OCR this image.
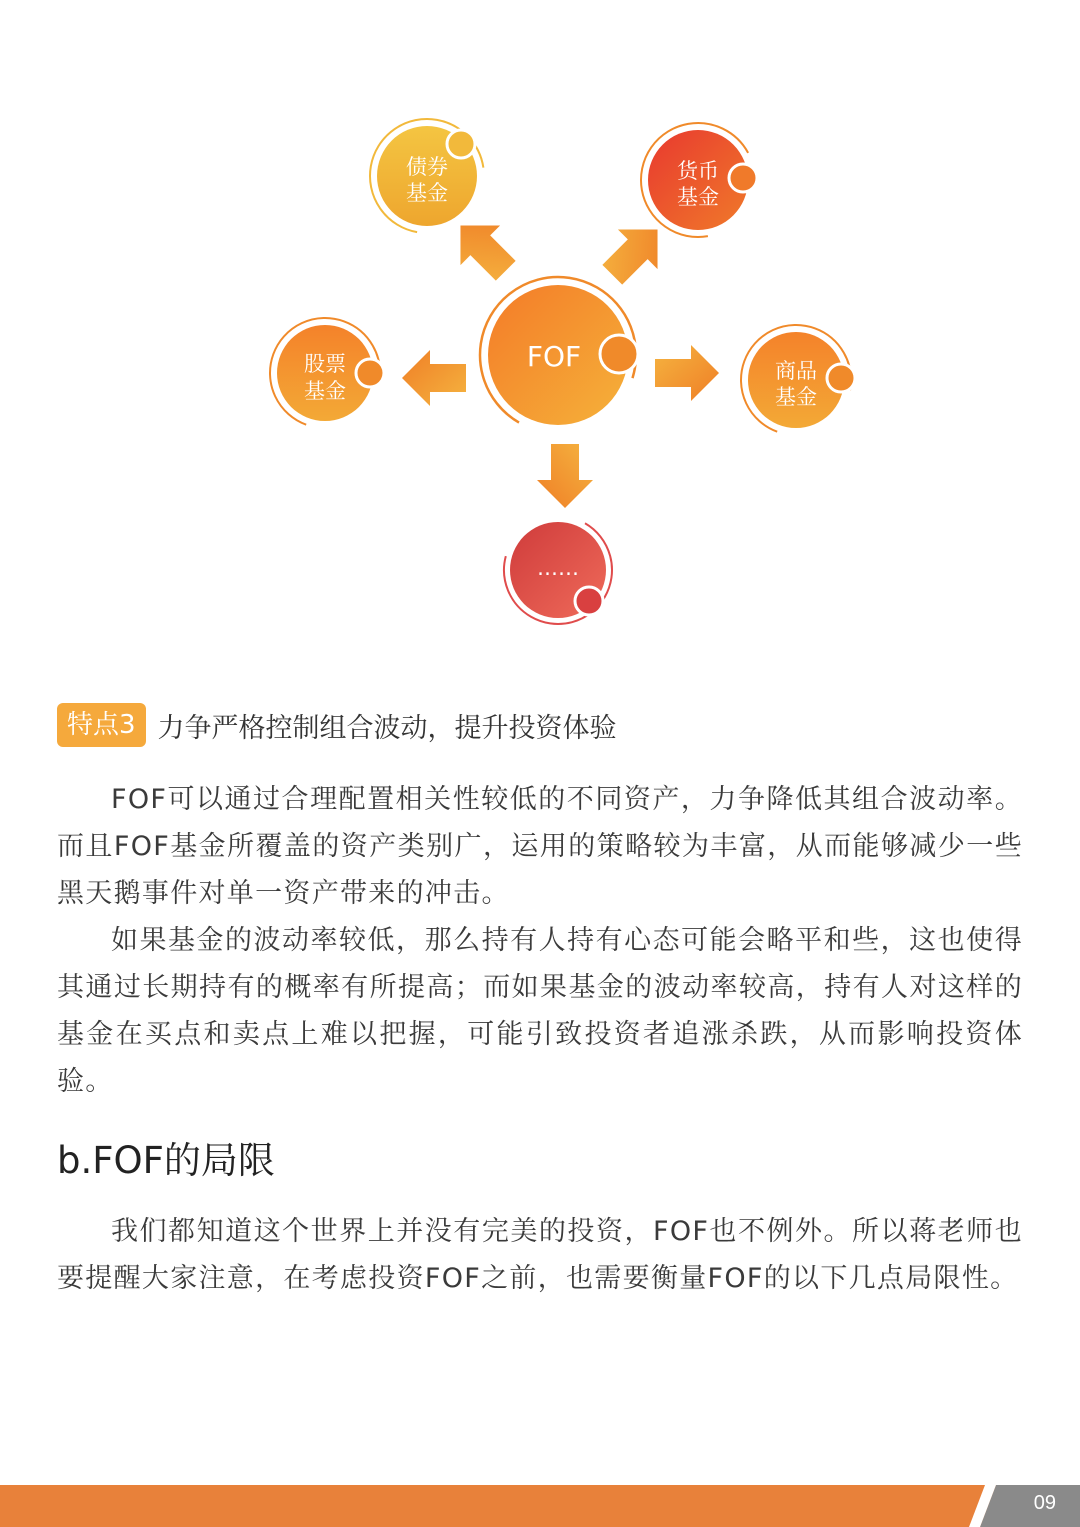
债券
基金
货币
基金
股票
基金
商品
基金
FOF
……
特点3 力争严格控制组合波动，提升投资体验

FOF可以通过合理配置相关性较低的不同资产，力争降低其组合波动率。而且FOF基金所覆盖的资产类别广，运用的策略较为丰富，从而能够减少一些黑天鹅事件对单一资产带来的冲击。

如果基金的波动率较低，那么持有人持有心态可能会略平和些，这也使得其通过长期持有的概率有所提高；而如果基金的波动率较高，持有人对这样的基金在买点和卖点上难以把握，可能引致投资者追涨杀跌，从而影响投资体验。

b.FOF的局限

我们都知道这个世界上并没有完美的投资，FOF也不例外。所以蒋老师也要提醒大家注意，在考虑投资FOF之前，也需要衡量FOF的以下几点局限性。

09
